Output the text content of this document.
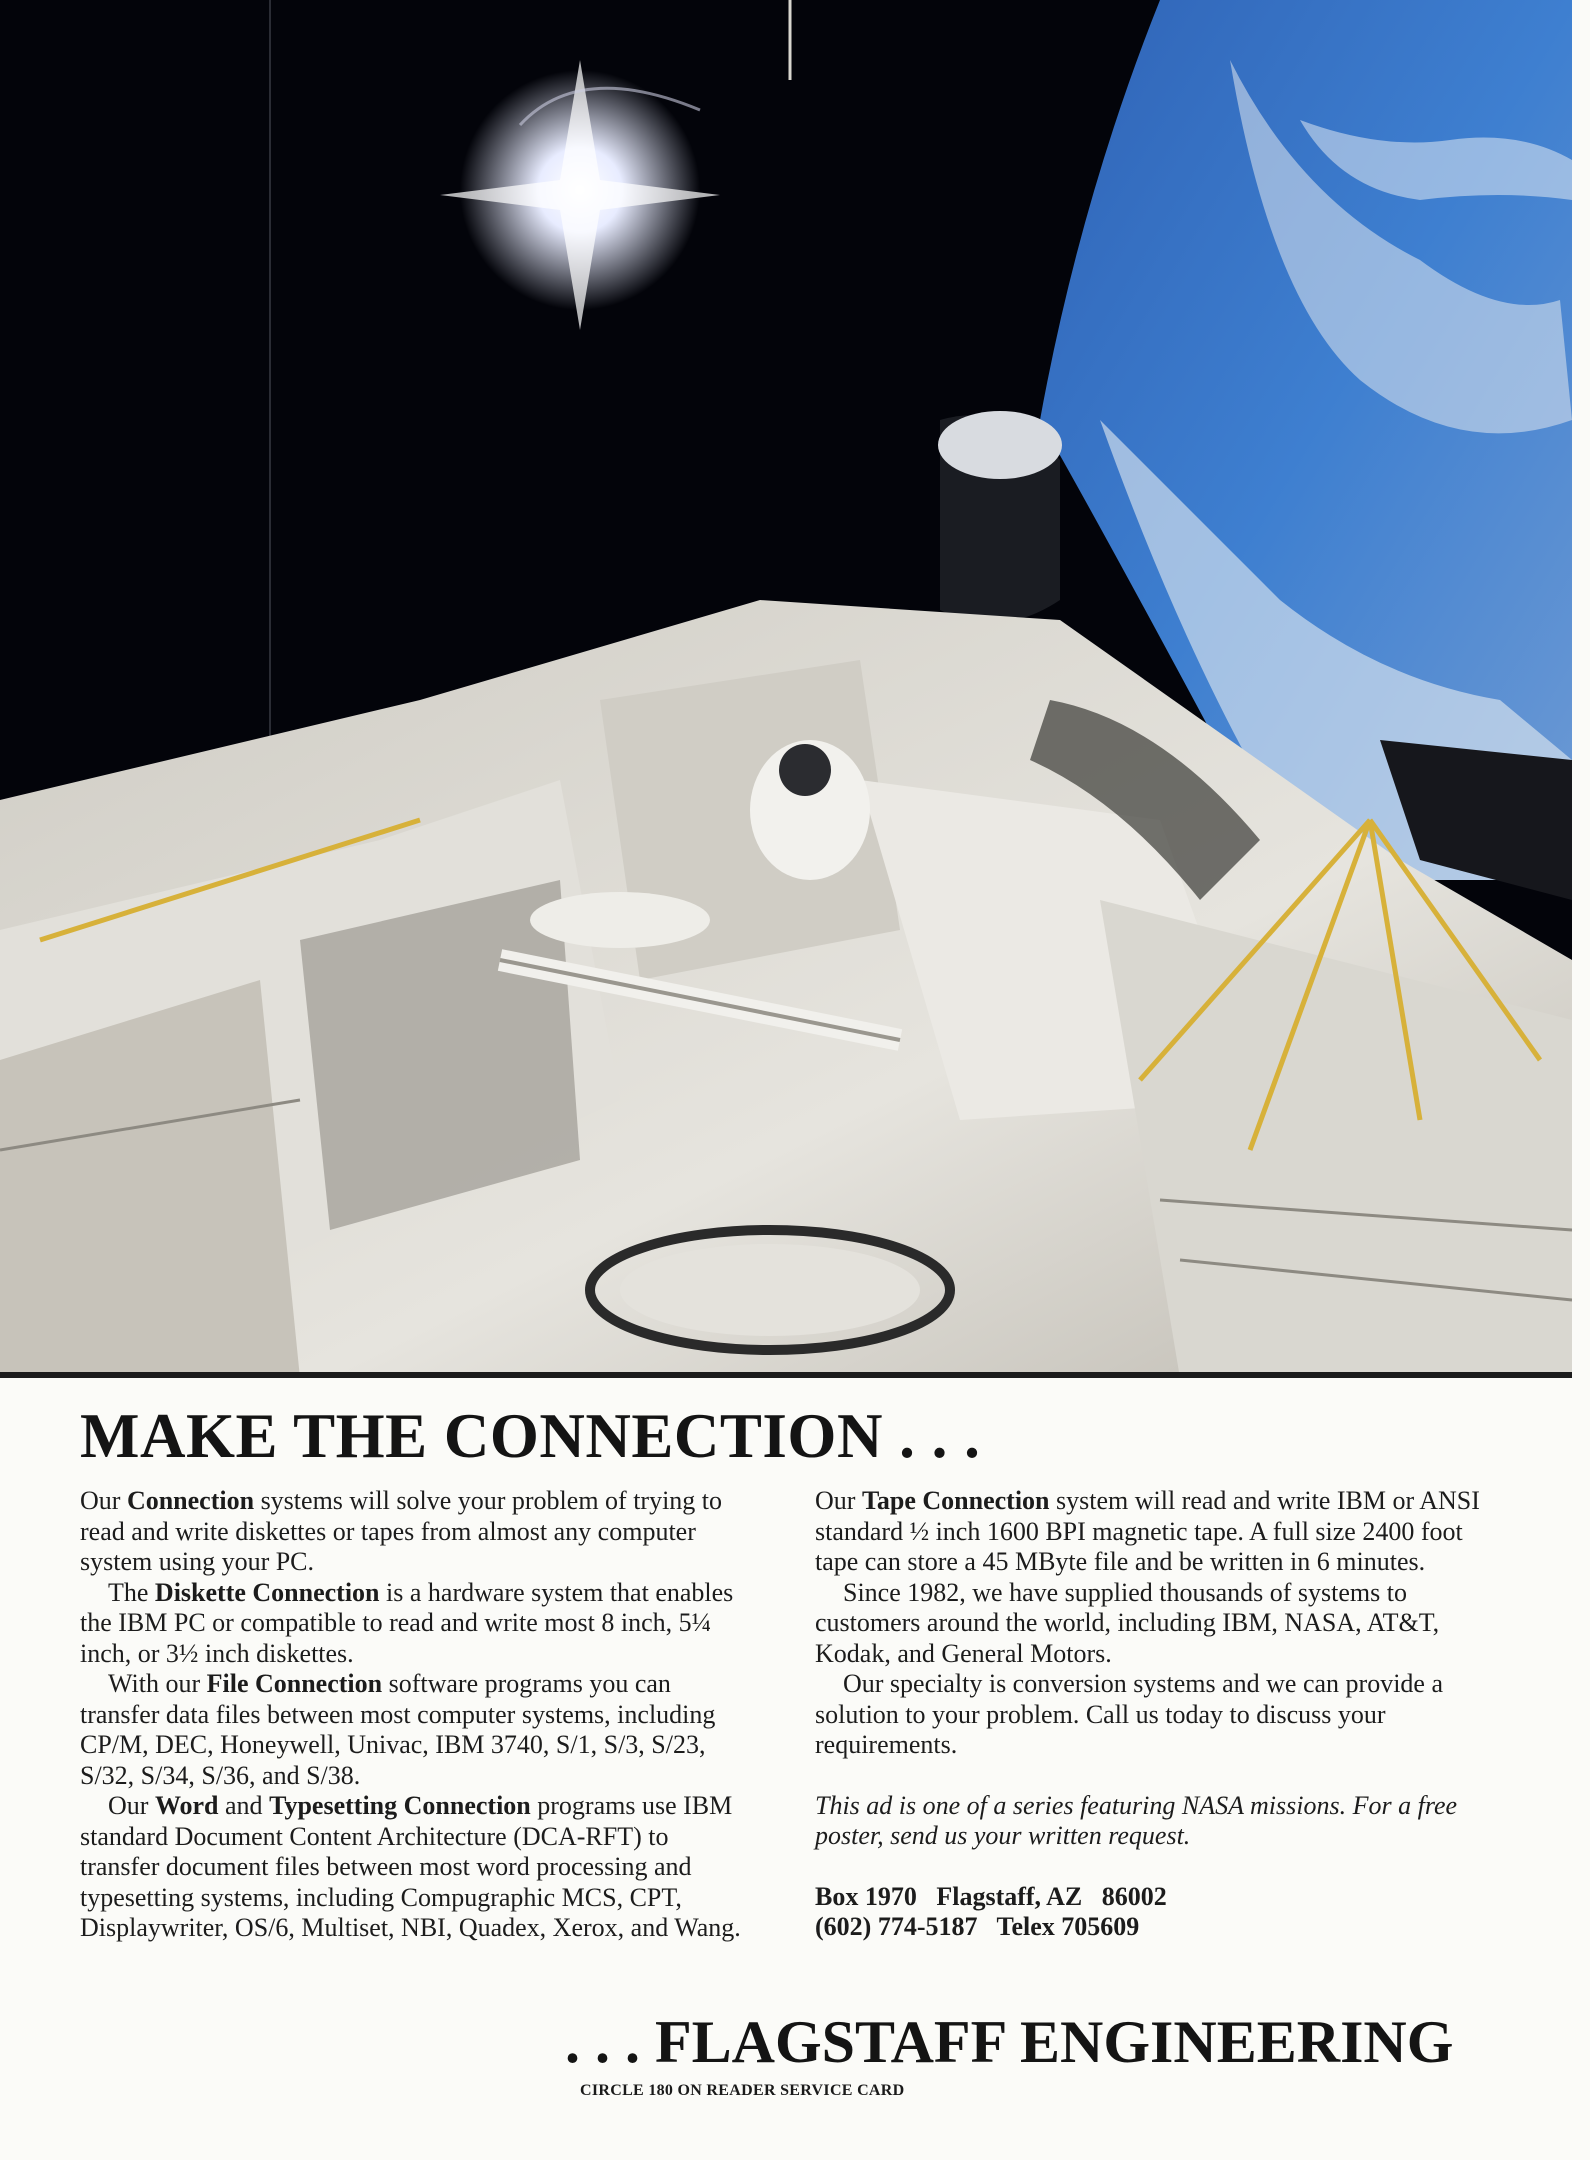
MAKE THE CONNECTION . . .

Our Connection systems will solve your problem of trying to read and write diskettes or tapes from almost any computer system using your PC.

The Diskette Connection is a hardware system that enables the IBM PC or compatible to read and write most 8 inch, 5¼ inch, or 3½ inch diskettes.

With our File Connection software programs you can transfer data files between most computer systems, including CP/M, DEC, Honeywell, Univac, IBM 3740, S/1, S/3, S/23, S/32, S/34, S/36, and S/38.

Our Word and Typesetting Connection programs use IBM standard Document Content Architecture (DCA-RFT) to transfer document files between most word processing and typesetting systems, including Compugraphic MCS, CPT, Displaywriter, OS/6, Multiset, NBI, Quadex, Xerox, and Wang.

Our Tape Connection system will read and write IBM or ANSI standard ½ inch 1600 BPI magnetic tape. A full size 2400 foot tape can store a 45 MByte file and be written in 6 minutes.

Since 1982, we have supplied thousands of systems to customers around the world, including IBM, NASA, AT&T, Kodak, and General Motors.

Our specialty is conversion systems and we can provide a solution to your problem. Call us today to discuss your requirements.

This ad is one of a series featuring NASA missions. For a free poster, send us your written request.

Box 1970   Flagstaff, AZ   86002
(602) 774-5187   Telex 705609
. . . FLAGSTAFF ENGINEERING
CIRCLE 180 ON READER SERVICE CARD
